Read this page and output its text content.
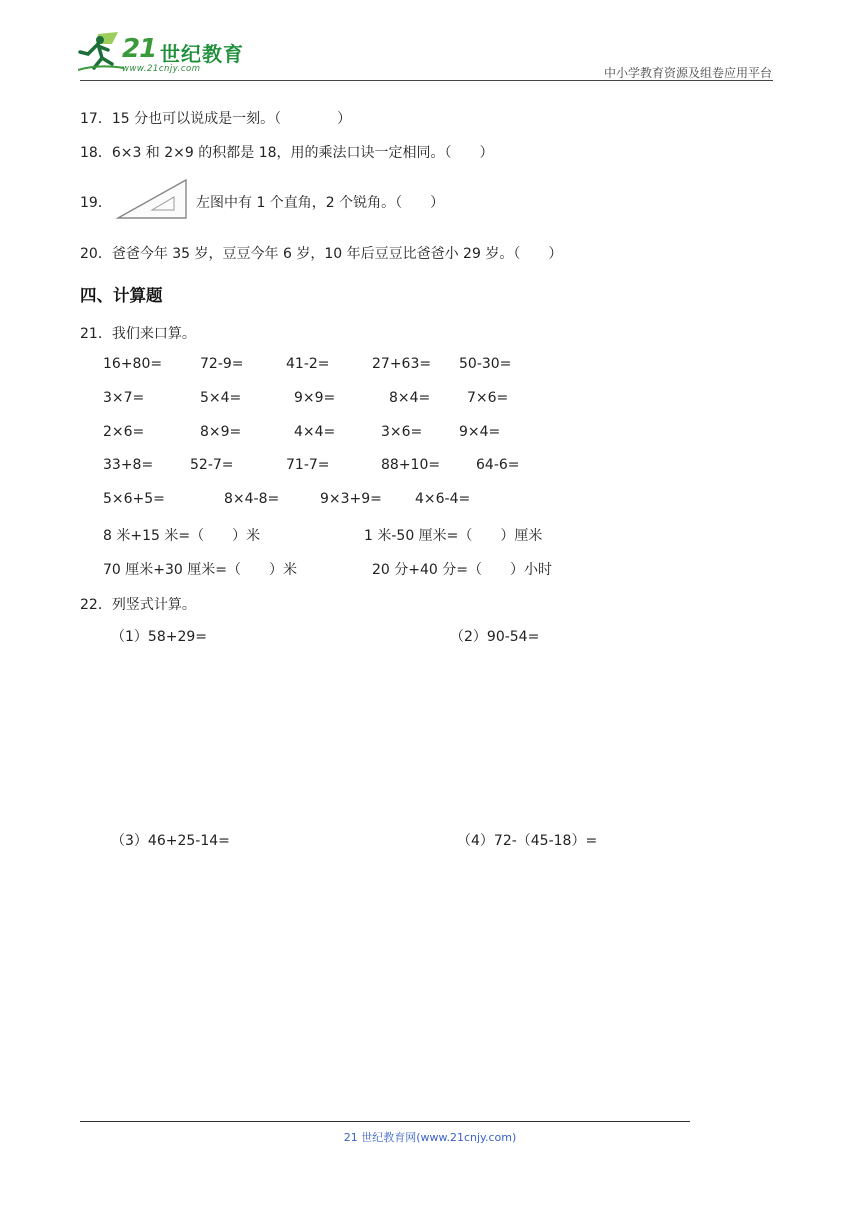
21 世纪教育
www.21cnjy.com	中小学教育资源及组卷应用平台
17．15 分也可以说成是一刻。（　　　　）
18．6×3 和 2×9 的积都是 18，用的乘法口诀一定相同。（　　）
19．	左图中有 1 个直角，2 个锐角。（　　）
20．爸爸今年 35 岁，豆豆今年 6 岁，10 年后豆豆比爸爸小 29 岁。（　　）
四、计算题
21．我们来口算。
16+80=	72-9=	41-2=	27+63= 50-30=
3×7=	5×4=	9×9=	8×4=	7×6=
2×6=	8×9=	4×4=	3×6=	9×4=
33+8=	52-7=	71-7=	88+10=	64-6=
5×6+5=	8×4-8=	9×3+9= 4×6-4=
8 米+15 米=（　　）米	1 米-50 厘米=（　　）厘米
70 厘米+30 厘米=（　　）米	20 分+40 分=（　　）小时
22．列竖式计算。
（1）58+29=	（2）90-54=
（3）46+25-14=	（4）72-（45-18）=
21 世纪教育网(www.21cnjy.com)
